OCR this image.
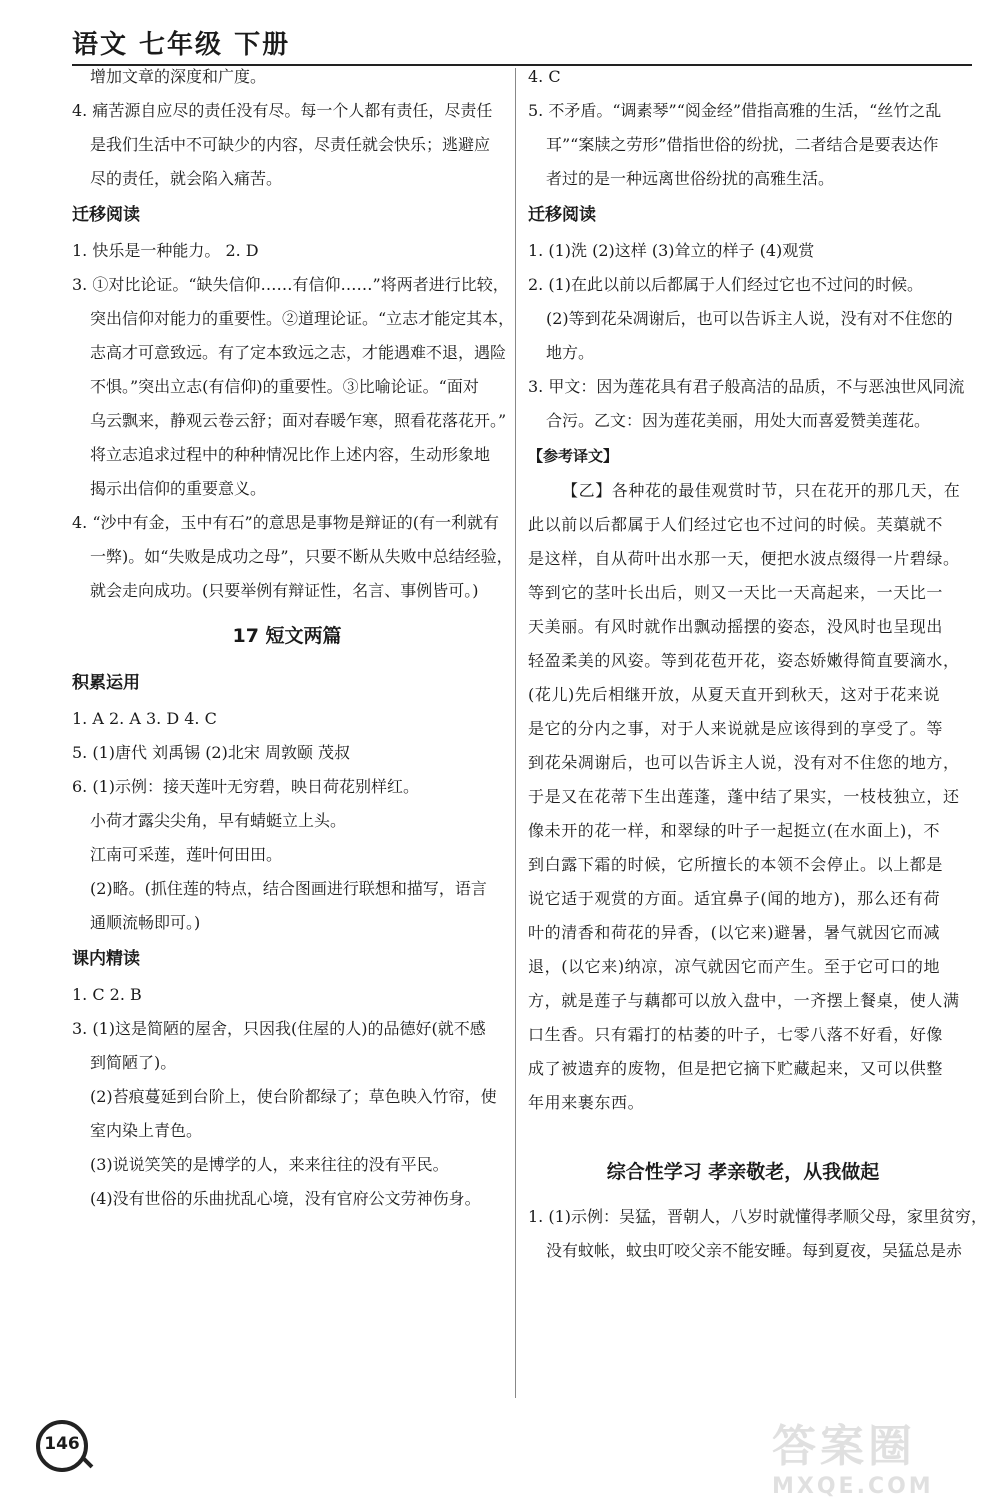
语文 七年级 下册
增加文章的深度和广度。
4. 痛苦源自应尽的责任没有尽。每一个人都有责任，尽责任
是我们生活中不可缺少的内容，尽责任就会快乐；逃避应
尽的责任，就会陷入痛苦。
迁移阅读
1. 快乐是一种能力。 2. D
3. ①对比论证。“缺失信仰……有信仰……”将两者进行比较，
突出信仰对能力的重要性。②道理论证。“立志才能定其本，
志高才可意致远。有了定本致远之志，才能遇难不退，遇险
不惧。”突出立志(有信仰)的重要性。③比喻论证。“面对
乌云飘来，静观云卷云舒；面对春暖乍寒，照看花落花开。”
将立志追求过程中的种种情况比作上述内容，生动形象地
揭示出信仰的重要意义。
4. “沙中有金，玉中有石”的意思是事物是辩证的(有一利就有
一弊)。如“失败是成功之母”，只要不断从失败中总结经验，
就会走向成功。(只要举例有辩证性，名言、事例皆可。)
17 短文两篇
积累运用
1. A 2. A 3. D 4. C
5. (1)唐代 刘禹锡 (2)北宋 周敦颐 茂叔
6. (1)示例：接天莲叶无穷碧，映日荷花别样红。
小荷才露尖尖角，早有蜻蜓立上头。
江南可采莲，莲叶何田田。
(2)略。(抓住莲的特点，结合图画进行联想和描写，语言
通顺流畅即可。)
课内精读
1. C 2. B
3. (1)这是简陋的屋舍，只因我(住屋的人)的品德好(就不感
到简陋了)。
(2)苔痕蔓延到台阶上，使台阶都绿了；草色映入竹帘，使
室内染上青色。
(3)说说笑笑的是博学的人，来来往往的没有平民。
(4)没有世俗的乐曲扰乱心境，没有官府公文劳神伤身。
4. C
5. 不矛盾。“调素琴”“阅金经”借指高雅的生活，“丝竹之乱
耳”“案牍之劳形”借指世俗的纷扰，二者结合是要表达作
者过的是一种远离世俗纷扰的高雅生活。
迁移阅读
1. (1)洗 (2)这样 (3)耸立的样子 (4)观赏
2. (1)在此以前以后都属于人们经过它也不过问的时候。
(2)等到花朵凋谢后，也可以告诉主人说，没有对不住您的
地方。
3. 甲文：因为莲花具有君子般高洁的品质，不与恶浊世风同流
合污。乙文：因为莲花美丽，用处大而喜爱赞美莲花。
【参考译文】
【乙】各种花的最佳观赏时节，只在花开的那几天，在
此以前以后都属于人们经过它也不过问的时候。芙蕖就不
是这样，自从荷叶出水那一天，便把水波点缀得一片碧绿。
等到它的茎叶长出后，则又一天比一天高起来，一天比一
天美丽。有风时就作出飘动摇摆的姿态，没风时也呈现出
轻盈柔美的风姿。等到花苞开花，姿态娇嫩得简直要滴水，
(花儿)先后相继开放，从夏天直开到秋天，这对于花来说
是它的分内之事，对于人来说就是应该得到的享受了。等
到花朵凋谢后，也可以告诉主人说，没有对不住您的地方，
于是又在花蒂下生出莲蓬，蓬中结了果实，一枝枝独立，还
像未开的花一样，和翠绿的叶子一起挺立(在水面上)，不
到白露下霜的时候，它所擅长的本领不会停止。以上都是
说它适于观赏的方面。适宜鼻子(闻的地方)，那么还有荷
叶的清香和荷花的异香，(以它来)避暑，暑气就因它而减
退，(以它来)纳凉，凉气就因它而产生。至于它可口的地
方，就是莲子与藕都可以放入盘中，一齐摆上餐桌，使人满
口生香。只有霜打的枯萎的叶子，七零八落不好看，好像
成了被遗弃的废物，但是把它摘下贮藏起来，又可以供整
年用来裹东西。
综合性学习 孝亲敬老，从我做起
1. (1)示例：吴猛，晋朝人，八岁时就懂得孝顺父母，家里贫穷，
没有蚊帐，蚊虫叮咬父亲不能安睡。每到夏夜，吴猛总是赤
146	答案圈
MXQE.COM
